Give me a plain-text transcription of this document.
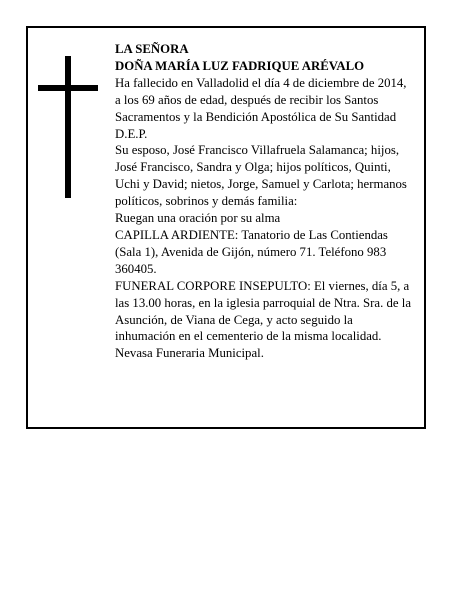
LA SEÑORA

DOÑA MARÍA LUZ FADRIQUE ARÉVALO

Ha fallecido en Valladolid el día 4 de diciembre de 2014, a los 69 años de edad, después de recibir los Santos Sacramentos y la Bendición Apostólica de Su Santidad

D.E.P.

Su esposo, José Francisco Villafruela Salamanca; hijos, José Francisco, Sandra y Olga; hijos políticos, Quinti, Uchi y David; nietos, Jorge, Samuel y Carlota; hermanos políticos, sobrinos y demás familia:

Ruegan una oración por su alma

CAPILLA ARDIENTE: Tanatorio de Las Contiendas (Sala 1), Avenida de Gijón, número 71. Teléfono 983 360405.

FUNERAL CORPORE INSEPULTO: El viernes, día 5, a las 13.00 horas, en la iglesia parroquial de Ntra. Sra. de la Asunción, de Viana de Cega, y acto seguido la inhumación en el cementerio de la misma localidad.

Nevasa Funeraria Municipal.
